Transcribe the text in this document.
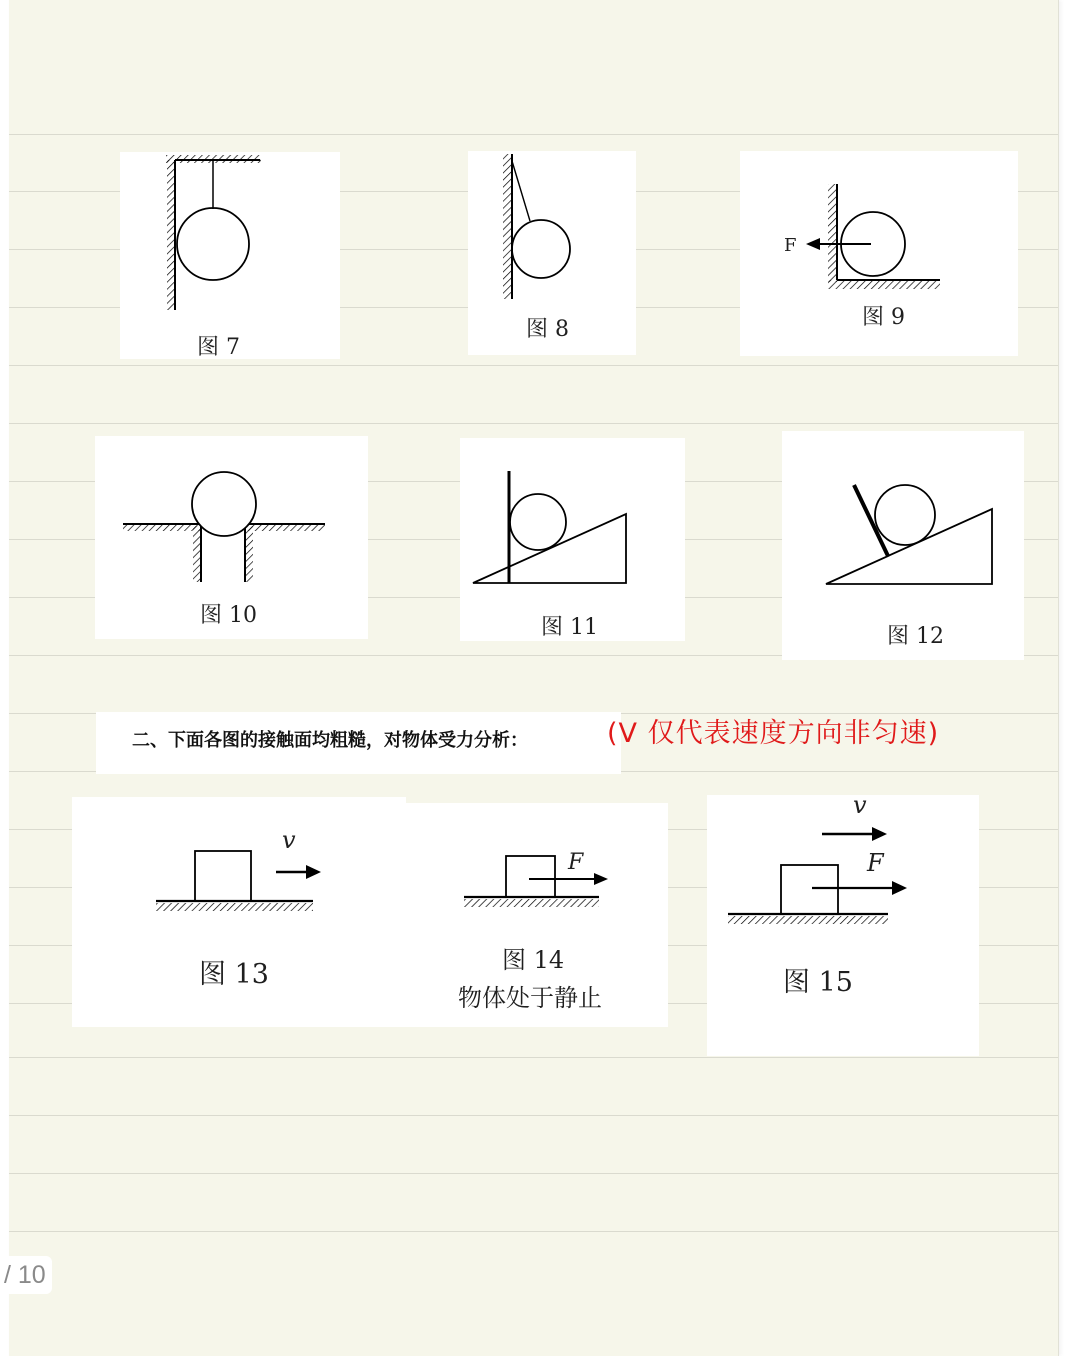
图 7
图 8
F
图 9
图 10	图 11	图 12
二、下面各图的接触面均粗糙，对物体受力分析：	(V 仅代表速度方向非匀速)
v
图 13
F
图 14
物体处于静止
v
F
图 15
/ 10
